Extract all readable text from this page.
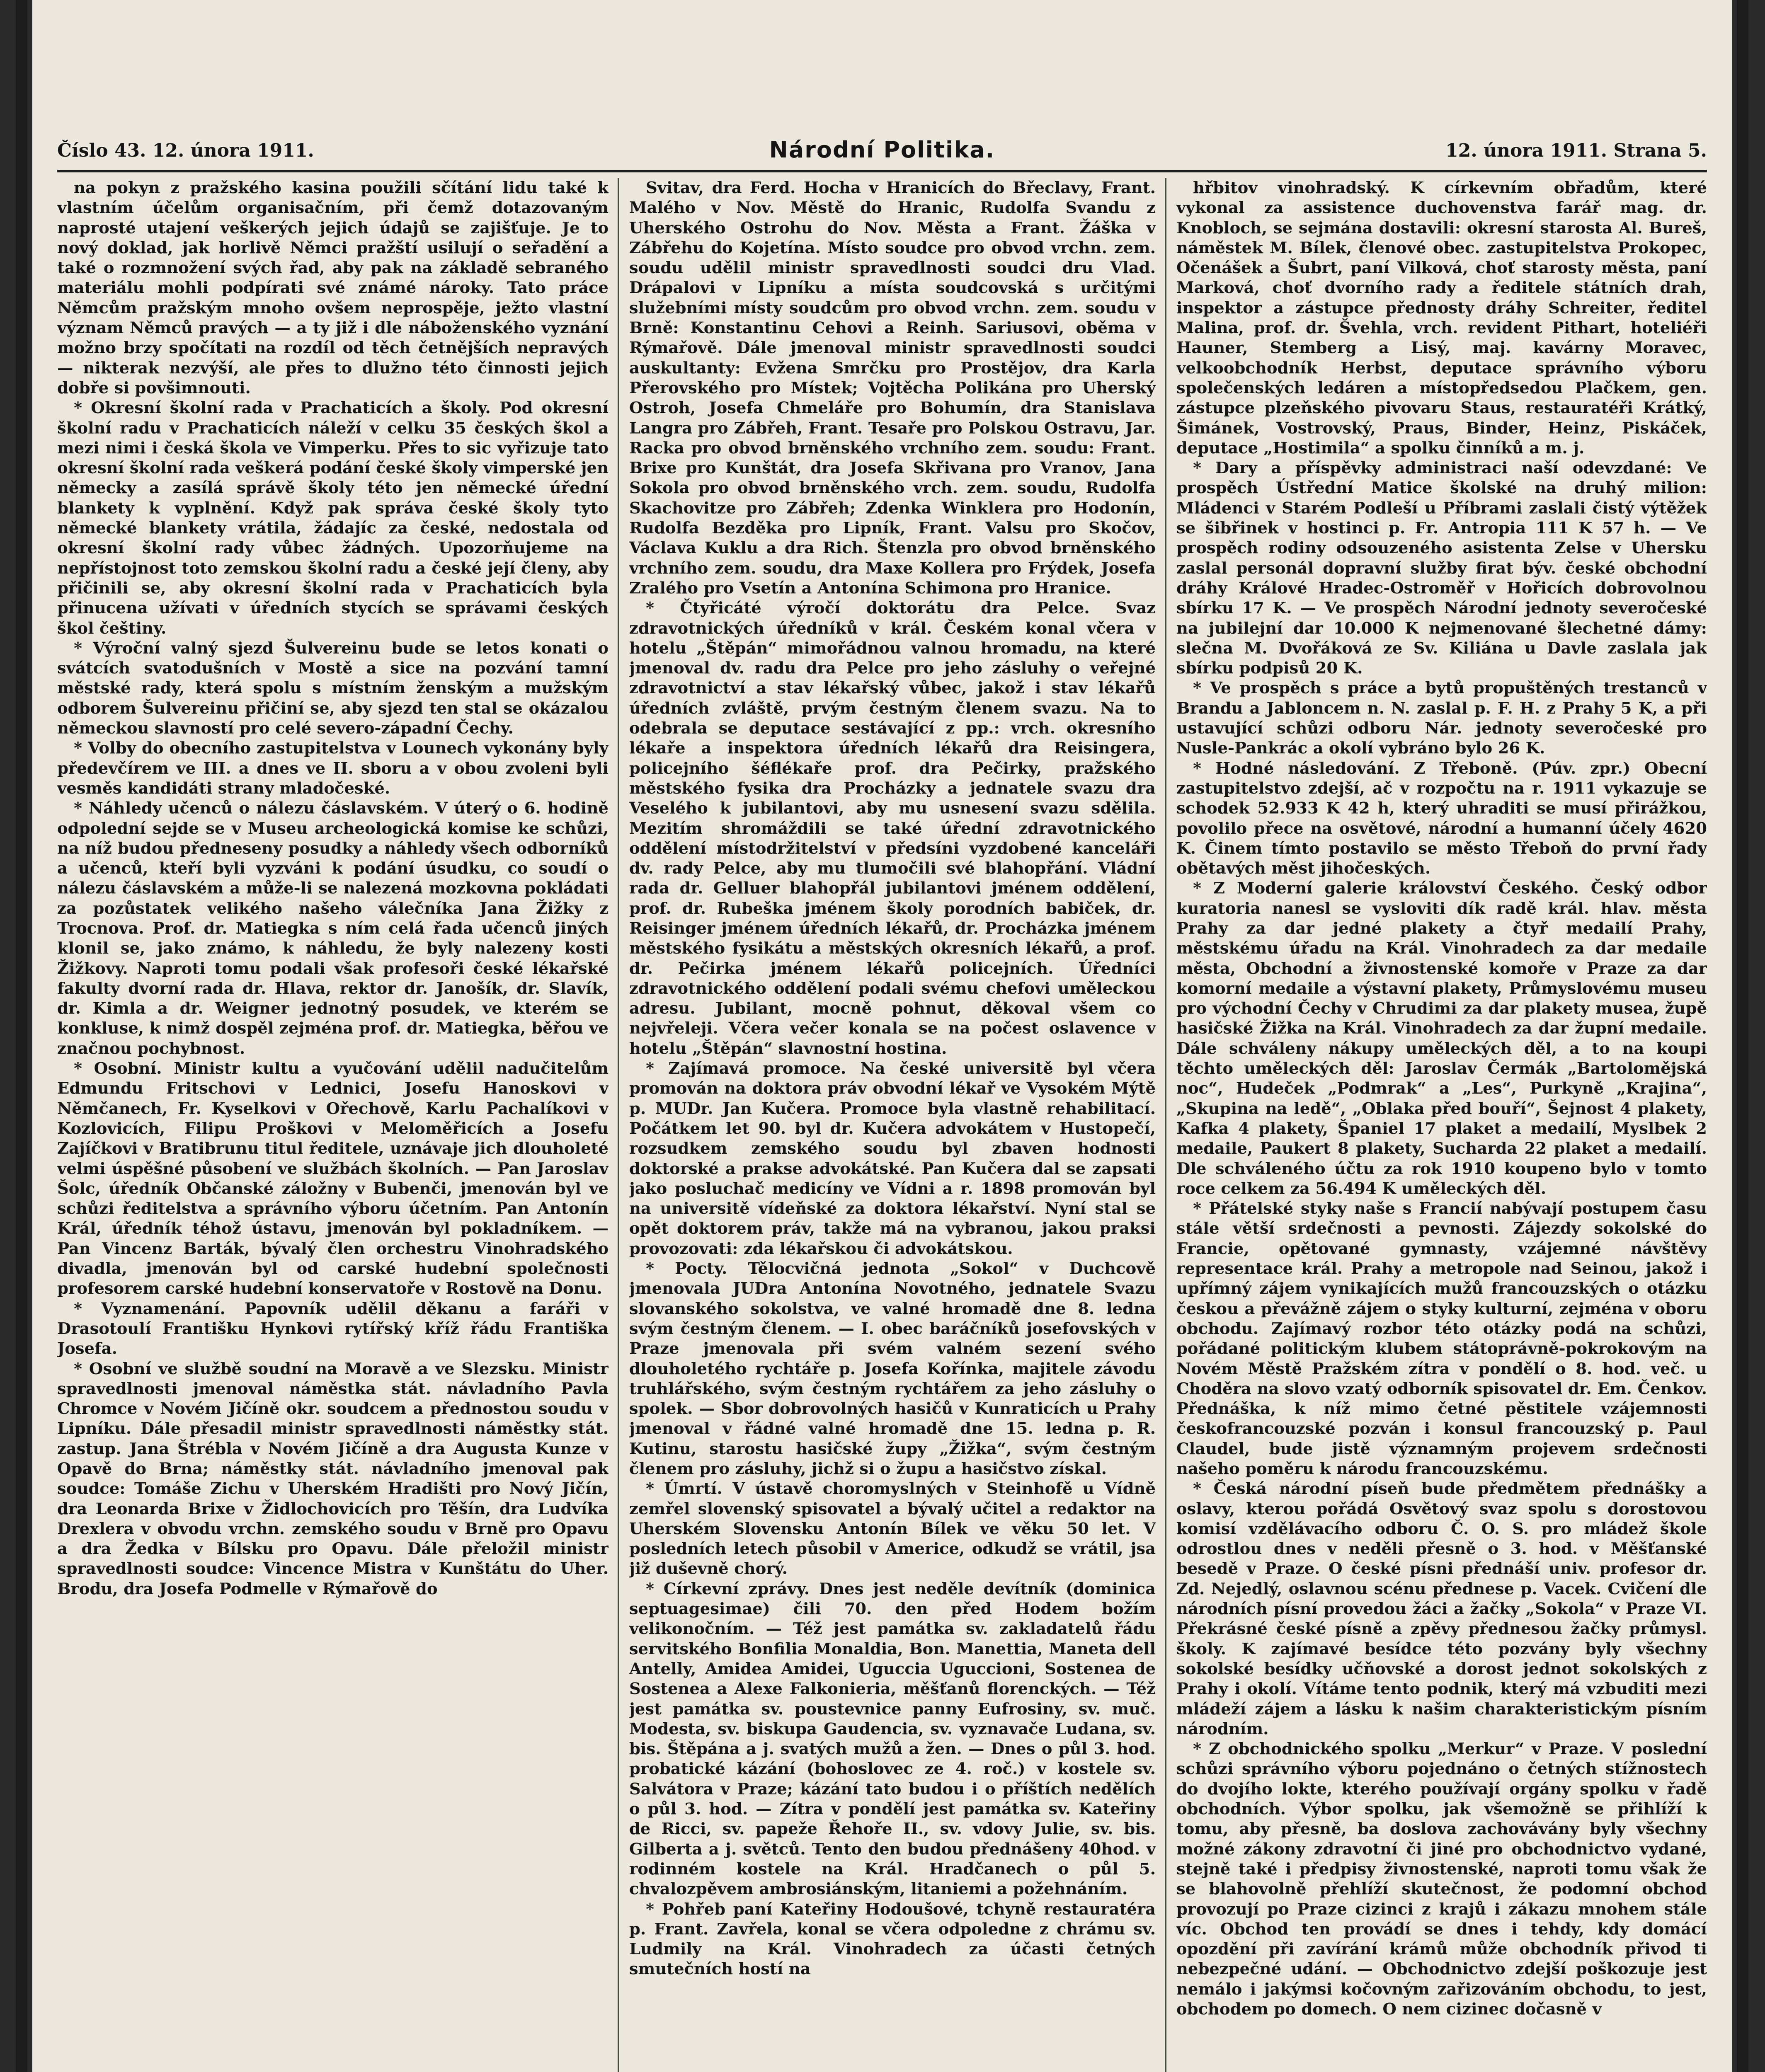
Číslo 43. 12. února 1911.	Národní Politika.	12. února 1911. Strana 5.

na pokyn z pražského kasina použili sčítání lidu také k vlastním účelům organisačním, při čemž dotazovaným naprosté utajení veškerých jejich údajů se zajišťuje. Je to nový doklad, jak horlivě Němci pražští usilují o seřadění a také o rozmnožení svých řad, aby pak na základě sebraného materiálu mohli podpírati své známé nároky. Tato práce Němcům pražským mnoho ovšem neprospěje, ježto vlastní význam Němců pravých — a ty již i dle náboženského vyznání možno brzy spočítati na rozdíl od těch četnějších nepravých — nikterak nezvýší, ale přes to dlužno této činnosti jejich dobře si povšimnouti.

* Okresní školní rada v Prachaticích a školy. Pod okresní školní radu v Prachaticích náleží v celku 35 českých škol a mezi nimi i česká škola ve Vimperku. Přes to sic vyřizuje tato okresní školní rada veškerá podání české školy vimperské jen německy a zasílá správě školy této jen německé úřední blankety k vyplnění. Když pak správa české školy tyto německé blankety vrátila, žádajíc za české, nedostala od okresní školní rady vůbec žádných. Upozorňujeme na nepřístojnost toto zemskou školní radu a české její členy, aby přičinili se, aby okresní školní rada v Prachaticích byla přinucena užívati v úředních stycích se správami českých škol češtiny.

* Výroční valný sjezd Šulvereinu bude se letos konati o svátcích svatodušních v Mostě a sice na pozvání tamní městské rady, která spolu s místním ženským a mužským odborem Šulvereinu přičiní se, aby sjezd ten stal se okázalou německou slavností pro celé severo-západní Čechy.

* Volby do obecního zastupitelstva v Lounech vykonány byly předevčírem ve III. a dnes ve II. sboru a v obou zvoleni byli vesměs kandidáti strany mladočeské.

* Náhledy učenců o nálezu čáslavském. V úterý o 6. hodině odpolední sejde se v Museu archeologická komise ke schůzi, na níž budou předneseny posudky a náhledy všech odborníků a učenců, kteří byli vyzváni k podání úsudku, co soudí o nálezu čáslavském a může-li se nalezená mozkovna pokládati za pozůstatek velikého našeho válečníka Jana Žižky z Trocnova. Prof. dr. Matiegka s ním celá řada učenců jiných klonil se, jako známo, k náhledu, že byly nalezeny kosti Žižkovy. Naproti tomu podali však profesoři české lékařské fakulty dvorní rada dr. Hlava, rektor dr. Janošík, dr. Slavík, dr. Kimla a dr. Weigner jednotný posudek, ve kterém se konkluse, k nimž dospěl zejména prof. dr. Matiegka, běřou ve značnou pochybnost.

* Osobní. Ministr kultu a vyučování udělil nadučitelům Edmundu Fritschovi v Lednici, Josefu Hanoskovi v Němčanech, Fr. Kyselkovi v Ořechově, Karlu Pachalíkovi v Kozlovicích, Filipu Proškovi v Meloměřicích a Josefu Zajíčkovi v Bratibrunu titul ředitele, uznávaje jich dlouholeté velmi úspěšné působení ve službách školních. — Pan Jaroslav Šolc, úředník Občanské záložny v Bubenči, jmenován byl ve schůzi ředitelstva a správního výboru účetním. Pan Antonín Král, úředník téhož ústavu, jmenován byl pokladníkem. — Pan Vincenz Barták, bývalý člen orchestru Vinohradského divadla, jmenován byl od carské hudební společnosti profesorem carské hudební konservatoře v Rostově na Donu.

* Vyznamenání. Papovník udělil děkanu a faráři v Drasotoulí Františku Hynkovi rytířský kříž řádu Františka Josefa.

* Osobní ve službě soudní na Moravě a ve Slezsku. Ministr spravedlnosti jmenoval náměstka stát. návladního Pavla Chromce v Novém Jičíně okr. soudcem a přednostou soudu v Lipníku. Dále přesadil ministr spravedlnosti náměstky stát. zastup. Jana Štrébla v Novém Jičíně a dra Augusta Kunze v Opavě do Brna; náměstky stát. návladního jmenoval pak soudce: Tomáše Zichu v Uherském Hradišti pro Nový Jičín, dra Leonarda Brixe v Židlochovicích pro Těšín, dra Ludvíka Drexlera v obvodu vrchn. zemského soudu v Brně pro Opavu a dra Žedka v Bílsku pro Opavu. Dále přeložil ministr spravedlnosti soudce: Vincence Mistra v Kunštátu do Uher. Brodu, dra Josefa Podmelle v Rýmařově do

Svitav, dra Ferd. Hocha v Hranicích do Břeclavy, Frant. Malého v Nov. Městě do Hranic, Rudolfa Svandu z Uherského Ostrohu do Nov. Města a Frant. Žáška v Zábřehu do Kojetína. Místo soudce pro obvod vrchn. zem. soudu udělil ministr spravedlnosti soudci dru Vlad. Drápalovi v Lipníku a místa soudcovská s určitými služebními místy soudcům pro obvod vrchn. zem. soudu v Brně: Konstantinu Cehovi a Reinh. Sariusovi, oběma v Rýmařově. Dále jmenoval ministr spravedlnosti soudci auskultanty: Evžena Smrčku pro Prostějov, dra Karla Přerovského pro Místek; Vojtěcha Polikána pro Uherský Ostroh, Josefa Chmeláře pro Bohumín, dra Stanislava Langra pro Zábřeh, Frant. Tesaře pro Polskou Ostravu, Jar. Racka pro obvod brněnského vrchního zem. soudu: Frant. Brixe pro Kunštát, dra Josefa Skřivana pro Vranov, Jana Sokola pro obvod brněnského vrch. zem. soudu, Rudolfa Skachovitze pro Zábřeh; Zdenka Winklera pro Hodonín, Rudolfa Bezděka pro Lipník, Frant. Valsu pro Skočov, Václava Kuklu a dra Rich. Štenzla pro obvod brněnského vrchního zem. soudu, dra Maxe Kollera pro Frýdek, Josefa Zralého pro Vsetín a Antonína Schimona pro Hranice.

* Čtyřicáté výročí doktorátu dra Pelce. Svaz zdravotnických úředníků v král. Českém konal včera v hotelu „Štěpán“ mimořádnou valnou hromadu, na které jmenoval dv. radu dra Pelce pro jeho zásluhy o veřejné zdravotnictví a stav lékařský vůbec, jakož i stav lékařů úředních zvláště, prvým čestným členem svazu. Na to odebrala se deputace sestávající z pp.: vrch. okresního lékaře a inspektora úředních lékařů dra Reisingera, policejního šéflékaře prof. dra Pečirky, pražského městského fysika dra Procházky a jednatele svazu dra Veselého k jubilantovi, aby mu usnesení svazu sdělila. Mezitím shromáždili se také úřední zdravotnického oddělení místodržitelství v předsíni vyzdobené kanceláři dv. rady Pelce, aby mu tlumočili své blahopřání. Vládní rada dr. Gelluer blahopřál jubilantovi jménem oddělení, prof. dr. Rubeška jménem školy porodních babiček, dr. Reisinger jménem úředních lékařů, dr. Procházka jménem městského fysikátu a městských okresních lékařů, a prof. dr. Pečirka jménem lékařů policejních. Úředníci zdravotnického oddělení podali svému chefovi uměleckou adresu. Jubilant, mocně pohnut, děkoval všem co nejvřeleji. Včera večer konala se na počest oslavence v hotelu „Štěpán“ slavnostní hostina.

* Zajímavá promoce. Na české universitě byl včera promován na doktora práv obvodní lékař ve Vysokém Mýtě p. MUDr. Jan Kučera. Promoce byla vlastně rehabilitací. Počátkem let 90. byl dr. Kučera advokátem v Hustopečí, rozsudkem zemského soudu byl zbaven hodnosti doktorské a prakse advokátské. Pan Kučera dal se zapsati jako posluchač medicíny ve Vídni a r. 1898 promován byl na universitě vídeňské za doktora lékařství. Nyní stal se opět doktorem práv, takže má na vybranou, jakou praksi provozovati: zda lékařskou či advokátskou.

* Pocty. Tělocvičná jednota „Sokol“ v Duchcově jmenovala JUDra Antonína Novotného, jednatele Svazu slovanského sokolstva, ve valné hromadě dne 8. ledna svým čestným členem. — I. obec baráčníků josefovských v Praze jmenovala při svém valném sezení svého dlouholetého rychtáře p. Josefa Kořínka, majitele závodu truhlářského, svým čestným rychtářem za jeho zásluhy o spolek. — Sbor dobrovolných hasičů v Kunraticích u Prahy jmenoval v řádné valné hromadě dne 15. ledna p. R. Kutinu, starostu hasičské župy „Žižka“, svým čestným členem pro zásluhy, jichž si o župu a hasičstvo získal.

* Úmrtí. V ústavě choromyslných v Steinhofě u Vídně zemřel slovenský spisovatel a bývalý učitel a redaktor na Uherském Slovensku Antonín Bílek ve věku 50 let. V posledních letech působil v Americe, odkudž se vrátil, jsa již duševně chorý.

* Církevní zprávy. Dnes jest neděle devítník (dominica septuagesimae) čili 70. den před Hodem božím velikonočním. — Též jest památka sv. zakladatelů řádu servitského Bonfilia Monaldia, Bon. Manettia, Maneta dell Antelly, Amidea Amidei, Uguccia Uguccioni, Sostenea de Sostenea a Alexe Falkonieria, měšťanů florenckých. — Též jest památka sv. poustevnice panny Eufrosiny, sv. muč. Modesta, sv. biskupa Gaudencia, sv. vyznavače Ludana, sv. bis. Štěpána a j. svatých mužů a žen. — Dnes o půl 3. hod. probatické kázání (bohoslovec ze 4. roč.) v kostele sv. Salvátora v Praze; kázání tato budou i o příštích nedělích o půl 3. hod. — Zítra v pondělí jest památka sv. Kateřiny de Ricci, sv. papeže Řehoře II., sv. vdovy Julie, sv. bis. Gilberta a j. světců. Tento den budou přednášeny 40hod. v rodinném kostele na Král. Hradčanech o půl 5. chvalozpěvem ambrosiánským, litaniemi a požehnáním.

* Pohřeb paní Kateřiny Hodoušové, tchyně restauratéra p. Frant. Zavřela, konal se včera odpoledne z chrámu sv. Ludmily na Král. Vinohradech za účasti četných smutečních hostí na

hřbitov vinohradský. K církevním obřadům, které vykonal za assistence duchovenstva farář mag. dr. Knobloch, se sejmána dostavili: okresní starosta Al. Bureš, náměstek M. Bílek, členové obec. zastupitelstva Prokopec, Očenášek a Šubrt, paní Vilková, choť starosty města, paní Marková, choť dvorního rady a ředitele státních drah, inspektor a zástupce přednosty dráhy Schreiter, ředitel Malina, prof. dr. Švehla, vrch. revident Pithart, hoteliéři Hauner, Stemberg a Lisý, maj. kavárny Moravec, velkoobchodník Herbst, deputace správního výboru společenských ledáren a místopředsedou Plačkem, gen. zástupce plzeňského pivovaru Staus, restauratéři Krátký, Šimánek, Vostrovský, Praus, Binder, Heinz, Piskáček, deputace „Hostimila“ a spolku činníků a m. j.

* Dary a příspěvky administraci naší odevzdané: Ve prospěch Ústřední Matice školské na druhý milion: Mládenci v Starém Podleší u Příbrami zaslali čistý výtěžek se šibřinek v hostinci p. Fr. Antropia 111 K 57 h. — Ve prospěch rodiny odsouzeného asistenta Zelse v Uhersku zaslal personál dopravní služby firat býv. české obchodní dráhy Králové Hradec-Ostroměř v Hořicích dobrovolnou sbírku 17 K. — Ve prospěch Národní jednoty severočeské na jubilejní dar 10.000 K nejmenované šlechetné dámy: slečna M. Dvořáková ze Sv. Kiliána u Davle zaslala jak sbírku podpisů 20 K.

* Ve prospěch s práce a bytů propuštěných trestanců v Brandu a Jabloncem n. N. zaslal p. F. H. z Prahy 5 K, a při ustavující schůzi odboru Nár. jednoty severočeské pro Nusle-Pankrác a okolí vybráno bylo 26 K.

* Hodné následování. Z Třeboně. (Púv. zpr.) Obecní zastupitelstvo zdejší, ač v rozpočtu na r. 1911 vykazuje se schodek 52.933 K 42 h, který uhraditi se musí přirážkou, povolilo přece na osvětové, národní a humanní účely 4620 K. Činem tímto postavilo se město Třeboň do první řady obětavých měst jihočeských.

* Z Moderní galerie království Českého. Český odbor kuratoria nanesl se vysloviti dík radě král. hlav. města Prahy za dar jedné plakety a čtyř medailí Prahy, městskému úřadu na Král. Vinohradech za dar medaile města, Obchodní a živnostenské komoře v Praze za dar komorní medaile a výstavní plakety, Průmyslovému museu pro východní Čechy v Chrudimi za dar plakety musea, župě hasičské Žižka na Král. Vinohradech za dar župní medaile. Dále schváleny nákupy uměleckých děl, a to na koupi těchto uměleckých děl: Jaroslav Čermák „Bartolomějská noc“, Hudeček „Podmrak“ a „Les“, Purkyně „Krajina“, „Skupina na ledě“, „Oblaka před bouří“, Šejnost 4 plakety, Kafka 4 plakety, Španiel 17 plaket a medailí, Myslbek 2 medaile, Paukert 8 plakety, Sucharda 22 plaket a medailí. Dle schváleného účtu za rok 1910 koupeno bylo v tomto roce celkem za 56.494 K uměleckých děl.

* Přátelské styky naše s Francií nabývají postupem času stále větší srdečnosti a pevnosti. Zájezdy sokolské do Francie, opětované gymnasty, vzájemné návštěvy representace král. Prahy a metropole nad Seinou, jakož i upřímný zájem vynikajících mužů francouzských o otázku českou a převážně zájem o styky kulturní, zejména v oboru obchodu. Zajímavý rozbor této otázky podá na schůzi, pořádané politickým klubem státoprávně-pokrokovým na Novém Městě Pražském zítra v pondělí o 8. hod. več. u Choděra na slovo vzatý odborník spisovatel dr. Em. Čenkov. Přednáška, k níž mimo četné pěstitele vzájemnosti českofrancouzské pozván i konsul francouzský p. Paul Claudel, bude jistě významným projevem srdečnosti našeho poměru k národu francouzskému.

* Česká národní píseň bude předmětem přednášky a oslavy, kterou pořádá Osvětový svaz spolu s dorostovou komisí vzdělávacího odboru Č. O. S. pro mládež škole odrostlou dnes v neděli přesně o 3. hod. v Měšťanské besedě v Praze. O české písni přednáší univ. profesor dr. Zd. Nejedlý, oslavnou scénu přednese p. Vacek. Cvičení dle národních písní provedou žáci a žačky „Sokola“ v Praze VI. Překrásné české písně a zpěvy přednesou žačky průmysl. školy. K zajímavé besídce této pozvány byly všechny sokolské besídky učňovské a dorost jednot sokolských z Prahy i okolí. Vítáme tento podnik, který má vzbuditi mezi mládeží zájem a lásku k našim charakteristickým písním národním.

* Z obchodnického spolku „Merkur“ v Praze. V poslední schůzi správního výboru pojednáno o četných stížnostech do dvojího lokte, kterého používají orgány spolku v řadě obchodních. Výbor spolku, jak všemožně se přihlíží k tomu, aby přesně, ba doslova zachovávány byly všechny možné zákony zdravotní či jiné pro obchodnictvo vydané, stejně také i předpisy živnostenské, naproti tomu však že se blahovolně přehlíží skutečnost, že podomní obchod provozují po Praze cizinci z krajů i zákazu mnohem stále víc. Obchod ten provádí se dnes i tehdy, kdy domácí opozdění při zavírání krámů může obchodník přivod ti nebezpečné udání. — Obchodnictvo zdejší poškozuje jest nemálo i jakýmsi kočovným zařizováním obchodu, to jest, obchodem po domech. O nem cizinec dočasně v
